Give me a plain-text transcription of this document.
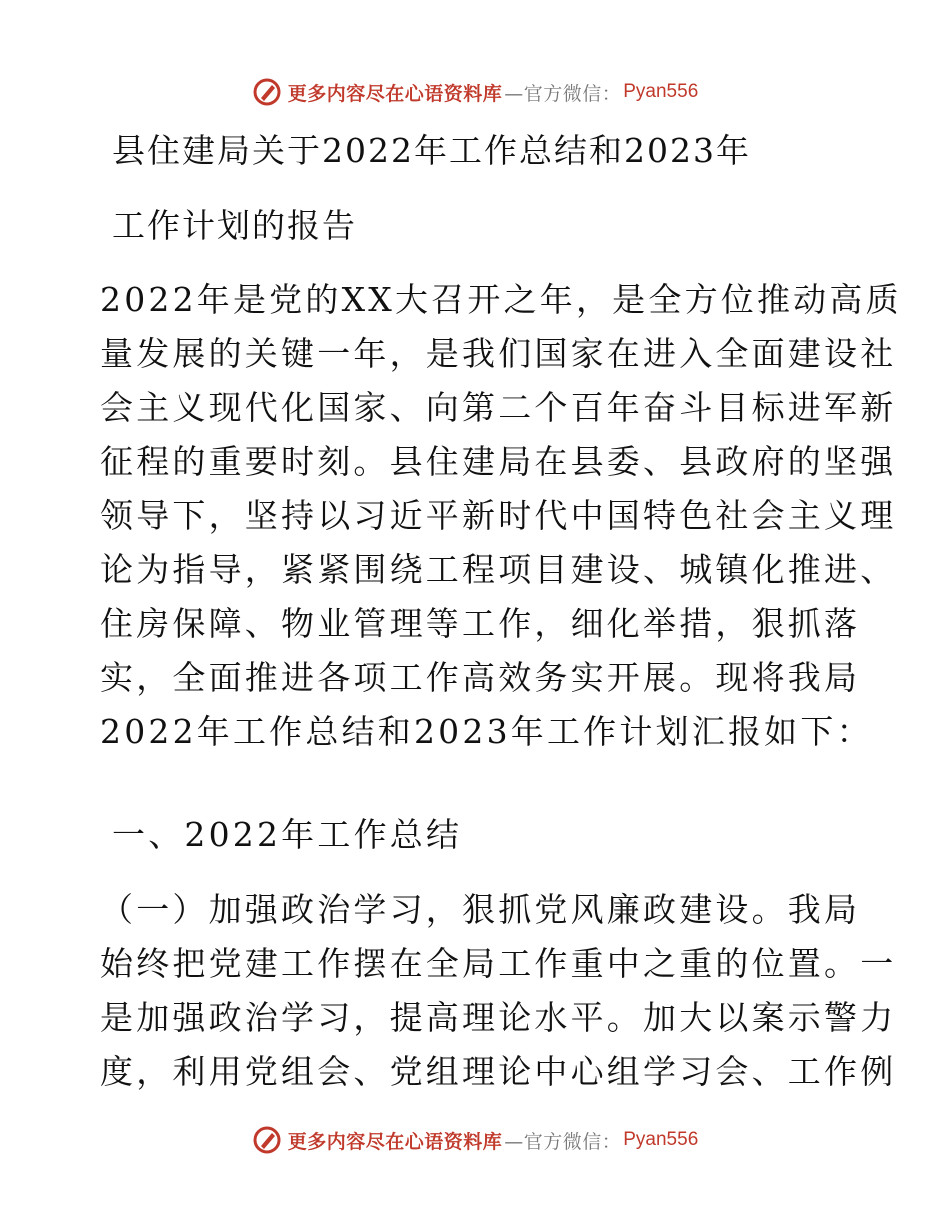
更多内容尽在心语资料库 —官方微信： Pyan556
县住建局关于2022年工作总结和2023年
工作计划的报告
2022年是党的XX大召开之年，是全方位推动高质
量发展的关键一年，是我们国家在进入全面建设社
会主义现代化国家、向第二个百年奋斗目标进军新
征程的重要时刻。县住建局在县委、县政府的坚强
领导下，坚持以习近平新时代中国特色社会主义理
论为指导，紧紧围绕工程项目建设、城镇化推进、
住房保障、物业管理等工作，细化举措，狠抓落
实，全面推进各项工作高效务实开展。现将我局
2022年工作总结和2023年工作计划汇报如下：
一、2022年工作总结
（一）加强政治学习，狠抓党风廉政建设。我局
始终把党建工作摆在全局工作重中之重的位置。一
是加强政治学习，提高理论水平。加大以案示警力
度，利用党组会、党组理论中心组学习会、工作例
更多内容尽在心语资料库 —官方微信： Pyan556
